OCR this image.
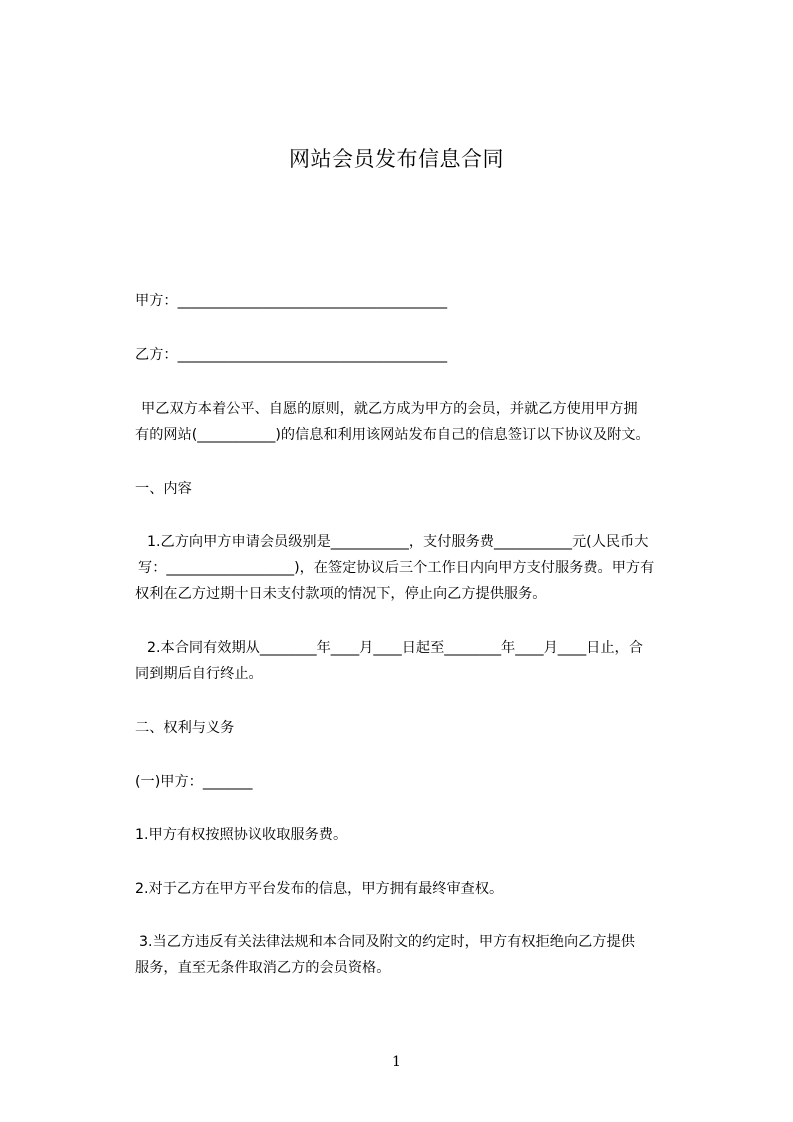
网站会员发布信息合同
甲方：______________________________________
乙方：______________________________________
甲乙双方本着公平、自愿的原则，就乙方成为甲方的会员，并就乙方使用甲方拥
有的网站(___________)的信息和利用该网站发布自己的信息签订以下协议及附文。
一、内容
1.乙方向甲方申请会员级别是___________，支付服务费___________元(人民币大
写：__________________)，在签定协议后三个工作日内向甲方支付服务费。甲方有
权利在乙方过期十日未支付款项的情况下，停止向乙方提供服务。
2.本合同有效期从________年____月____日起至________年____月____日止，合
同到期后自行终止。
二、权利与义务
(一)甲方：_______
1.甲方有权按照协议收取服务费。
2.对于乙方在甲方平台发布的信息，甲方拥有最终审查权。
3.当乙方违反有关法律法规和本合同及附文的约定时，甲方有权拒绝向乙方提供
服务，直至无条件取消乙方的会员资格。
1
